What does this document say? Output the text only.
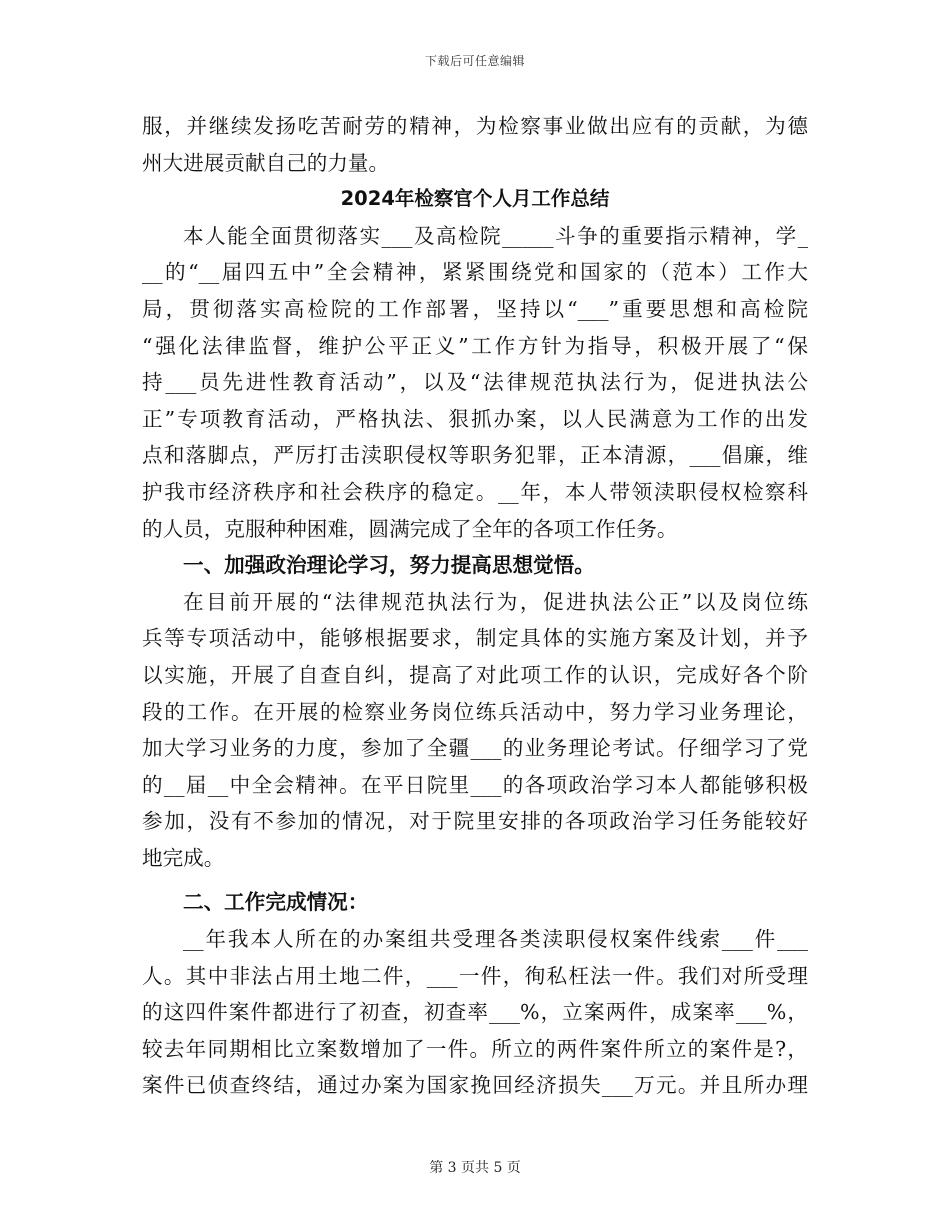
下载后可任意编辑
服，并继续发扬吃苦耐劳的精神，为检察事业做出应有的贡献，为德
州大进展贡献自己的力量。
2024年检察官个人月工作总结
本人能全面贯彻落实___及高检院_____斗争的重要指示精神，学_
__的“__届四五中”全会精神，紧紧围绕党和国家的（范本）工作大
局，贯彻落实高检院的工作部署，坚持以“___”重要思想和高检院
“强化法律监督，维护公平正义”工作方针为指导，积极开展了“保
持___员先进性教育活动”，以及“法律规范执法行为，促进执法公
正”专项教育活动，严格执法、狠抓办案，以人民满意为工作的出发
点和落脚点，严厉打击渎职侵权等职务犯罪，正本清源，___倡廉，维
护我市经济秩序和社会秩序的稳定。__年，本人带领渎职侵权检察科
的人员，克服种种困难，圆满完成了全年的各项工作任务。
一、加强政治理论学习，努力提高思想觉悟。
在目前开展的“法律规范执法行为，促进执法公正”以及岗位练
兵等专项活动中，能够根据要求，制定具体的实施方案及计划，并予
以实施，开展了自查自纠，提高了对此项工作的认识，完成好各个阶
段的工作。在开展的检察业务岗位练兵活动中，努力学习业务理论，
加大学习业务的力度，参加了全疆___的业务理论考试。仔细学习了党
的__届__中全会精神。在平日院里___的各项政治学习本人都能够积极
参加，没有不参加的情况，对于院里安排的各项政治学习任务能较好
地完成。
二、工作完成情况：
__年我本人所在的办案组共受理各类渎职侵权案件线索___件___
人。其中非法占用土地二件，___一件，徇私枉法一件。我们对所受理
的这四件案件都进行了初查，初查率___%，立案两件，成案率___%，
较去年同期相比立案数增加了一件。所立的两件案件所立的案件是?，
案件已侦查终结，通过办案为国家挽回经济损失___万元。并且所办理
第 3 页共 5 页
